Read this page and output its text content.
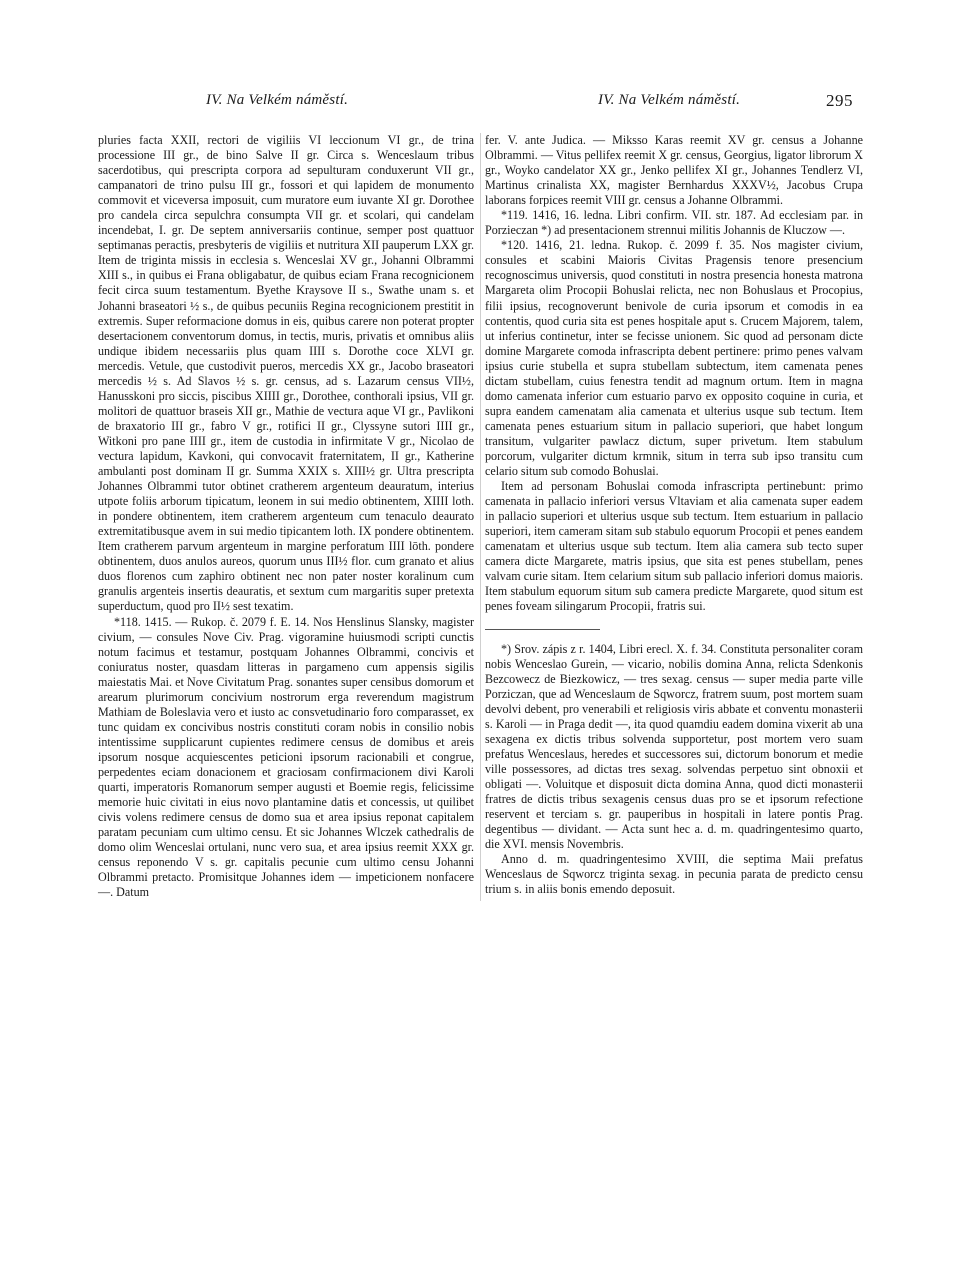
IV. Na Velkém náměstí.	IV. Na Velkém náměstí.	295

pluries facta XXII, rectori de vigiliis VI leccionum VI gr., de trina processione III gr., de bino Salve II gr. Circa s. Wenceslaum tribus sacerdotibus, qui prescripta corpora ad sepulturam conduxerunt VII gr., campanatori de trino pulsu III gr., fossori et qui lapidem de monumento commovit et viceversa imposuit, cum muratore eum iuvante XI gr. Dorothee pro candela circa sepulchra consumpta VII gr. et scolari, qui candelam incendebat, I. gr. De septem anniversariis continue, semper post quattuor septimanas peractis, presbyteris de vigiliis et nutritura XII pauperum LXX gr. Item de triginta missis in ecclesia s. Wenceslai XV gr., Johanni Olbrammi XIII s., in quibus ei Frana obligabatur, de quibus eciam Frana recognicionem fecit circa suum testamentum. Byethe Kraysove II s., Swathe unam s. et Johanni braseatori ½ s., de quibus pecuniis Regina recognicionem prestitit in extremis. Super reformacione domus in eis, quibus carere non poterat propter desertacionem conventorum domus, in tectis, muris, privatis et omnibus aliis undique ibidem necessariis plus quam IIII s. Dorothe coce XLVI gr. mercedis. Vetule, que custodivit pueros, mercedis XX gr., Jacobo braseatori mercedis ½ s. Ad Slavos ½ s. gr. census, ad s. Lazarum census VII½, Hanusskoni pro siccis, piscibus XIIII gr., Dorothee, conthorali ipsius, VII gr. molitori de quattuor braseis XII gr., Mathie de vectura aque VI gr., Pavlikoni de braxatorio III gr., fabro V gr., rotifici II gr., Clyssyne sutori IIII gr., Witkoni pro pane IIII gr., item de custodia in infirmitate V gr., Nicolao de vectura lapidum, Kavkoni, qui convocavit fraternitatem, II gr., Katherine ambulanti post dominam II gr. Summa XXIX s. XIII½ gr. Ultra prescripta Johannes Olbrammi tutor obtinet cratherem argenteum deauratum, interius utpote foliis arborum tipicatum, leonem in sui medio obtinentem, XIIII loth. in pondere obtinentem, item cratherem argenteum cum tenaculo deaurato extremitatibusque avem in sui medio tipicantem loth. IX pondere obtinentem. Item cratherem parvum argenteum in margine perforatum IIII lōth. pondere obtinentem, duos anulos aureos, quorum unus III½ flor. cum granato et alius duos florenos cum zaphiro obtinent nec non pater noster koralinum cum granulis argenteis insertis deauratis, et sextum cum margaritis super pretexta superductum, quod pro II½ sest texatim.

*118. 1415. — Rukop. č. 2079 f. E. 14. Nos Henslinus Slansky, magister civium, — consules Nove Civ. Prag. vigoramine huiusmodi scripti cunctis notum facimus et testamur, postquam Johannes Olbrammi, concivis et coniuratus noster, quasdam litteras in pargameno cum appensis sigilis maiestatis Mai. et Nove Civitatum Prag. sonantes super censibus domorum et arearum plurimorum concivium nostrorum erga reverendum magistrum Mathiam de Boleslavia vero et iusto ac consvetudinario foro comparasset, ex tunc quidam ex concivibus nostris constituti coram nobis in consilio nobis intentissime supplicarunt cupientes redimere census de domibus et areis ipsorum nosque acquiescentes peticioni ipsorum racionabili et congrue, perpedentes eciam donacionem et graciosam confirmacionem divi Karoli quarti, imperatoris Romanorum semper augusti et Boemie regis, felicissime memorie huic civitati in eius novo plantamine datis et concessis, ut quilibet civis volens redimere census de domo sua et area ipsius reponat capitalem paratam pecuniam cum ultimo censu. Et sic Johannes Wlczek cathedralis de domo olim Wenceslai ortulani, nunc vero sua, et area ipsius reemit XXX gr. census reponendo V s. gr. capitalis pecunie cum ultimo censu Johanni Olbrammi pretacto. Promisitque Johannes idem — impeticionem nonfacere —. Datum

fer. V. ante Judica. — Miksso Karas reemit XV gr. census a Johanne Olbrammi. — Vitus pellifex reemit X gr. census, Georgius, ligator librorum X gr., Woyko candelator XX gr., Jenko pellifex XI gr., Johannes Tendlerz VI, Martinus crinalista XX, magister Bernhardus XXXV½, Jacobus Crupa laborans forpices reemit VIII gr. census a Johanne Olbrammi.

*119. 1416, 16. ledna. Libri confirm. VII. str. 187. Ad ecclesiam par. in Porzieczan *) ad presentacionem strennui militis Johannis de Kluczow —.

*120. 1416, 21. ledna. Rukop. č. 2099 f. 35. Nos magister civium, consules et scabini Maioris Civitas Pragensis tenore presencium recognoscimus universis, quod constituti in nostra presencia honesta matrona Margareta olim Procopii Bohuslai relicta, nec non Bohuslaus et Procopius, filii ipsius, recognoverunt benivole de curia ipsorum et comodis in ea contentis, quod curia sita est penes hospitale aput s. Crucem Majorem, talem, ut inferius continetur, inter se fecisse unionem. Sic quod ad personam dicte domine Margarete comoda infrascripta debent pertinere: primo penes valvam ipsius curie stubella et supra stubellam subtectum, item camenata penes dictam stubellam, cuius fenestra tendit ad magnum ortum. Item in magna domo camenata inferior cum estuario parvo ex opposito coquine in curia, et supra eandem camenatam alia camenata et ulterius usque sub tectum. Item camenata penes estuarium situm in pallacio superiori, que habet longum transitum, vulgariter pawlacz dictum, super privetum. Item stabulum porcorum, vulgariter dictum krmnik, situm in terra sub ipso transitu cum celario situm sub comodo Bohuslai.

Item ad personam Bohuslai comoda infrascripta pertinebunt: primo camenata in pallacio inferiori versus Vltaviam et alia camenata super eadem in pallacio superiori et ulterius usque sub tectum. Item estuarium in pallacio superiori, item cameram sitam sub stabulo equorum Procopii et penes eandem camenatam et ulterius usque sub tectum. Item alia camera sub tecto super camera dicte Margarete, matris ipsius, que sita est penes stubellam, penes valvam curie sitam. Item celarium situm sub pallacio inferiori domus maioris. Item stabulum equorum situm sub camera predicte Margarete, quod situm est penes foveam silingarum Procopii, fratris sui.

*) Srov. zápis z r. 1404, Libri erecl. X. f. 34. Constituta personaliter coram nobis Wenceslao Gurein, — vicario, nobilis domina Anna, relicta Sdenkonis Bezcowecz de Biezkowicz, — tres sexag. census — super media parte ville Porziczan, que ad Wenceslaum de Sqworcz, fratrem suum, post mortem suam devolvi debent, pro venerabili et religiosis viris abbate et conventu monasterii s. Karoli — in Praga dedit —, ita quod quamdiu eadem domina vixerit ab una sexagena ex dictis tribus solvenda supportetur, post mortem vero suam prefatus Wenceslaus, heredes et successores sui, dictorum bonorum et medie ville possessores, ad dictas tres sexag. solvendas perpetuo sint obnoxii et obligati —. Voluitque et disposuit dicta domina Anna, quod dicti monasterii fratres de dictis tribus sexagenis census duas pro se et ipsorum refectione reservent et terciam s. gr. pauperibus in hospitali in latere pontis Prag. degentibus — dividant. — Acta sunt hec a. d. m. quadringentesimo quarto, die XVI. mensis Novembris.

Anno d. m. quadringentesimo XVIII, die septima Maii prefatus Wenceslaus de Sqworcz triginta sexag. in pecunia parata de predicto censu trium s. in aliis bonis emendo deposuit.
